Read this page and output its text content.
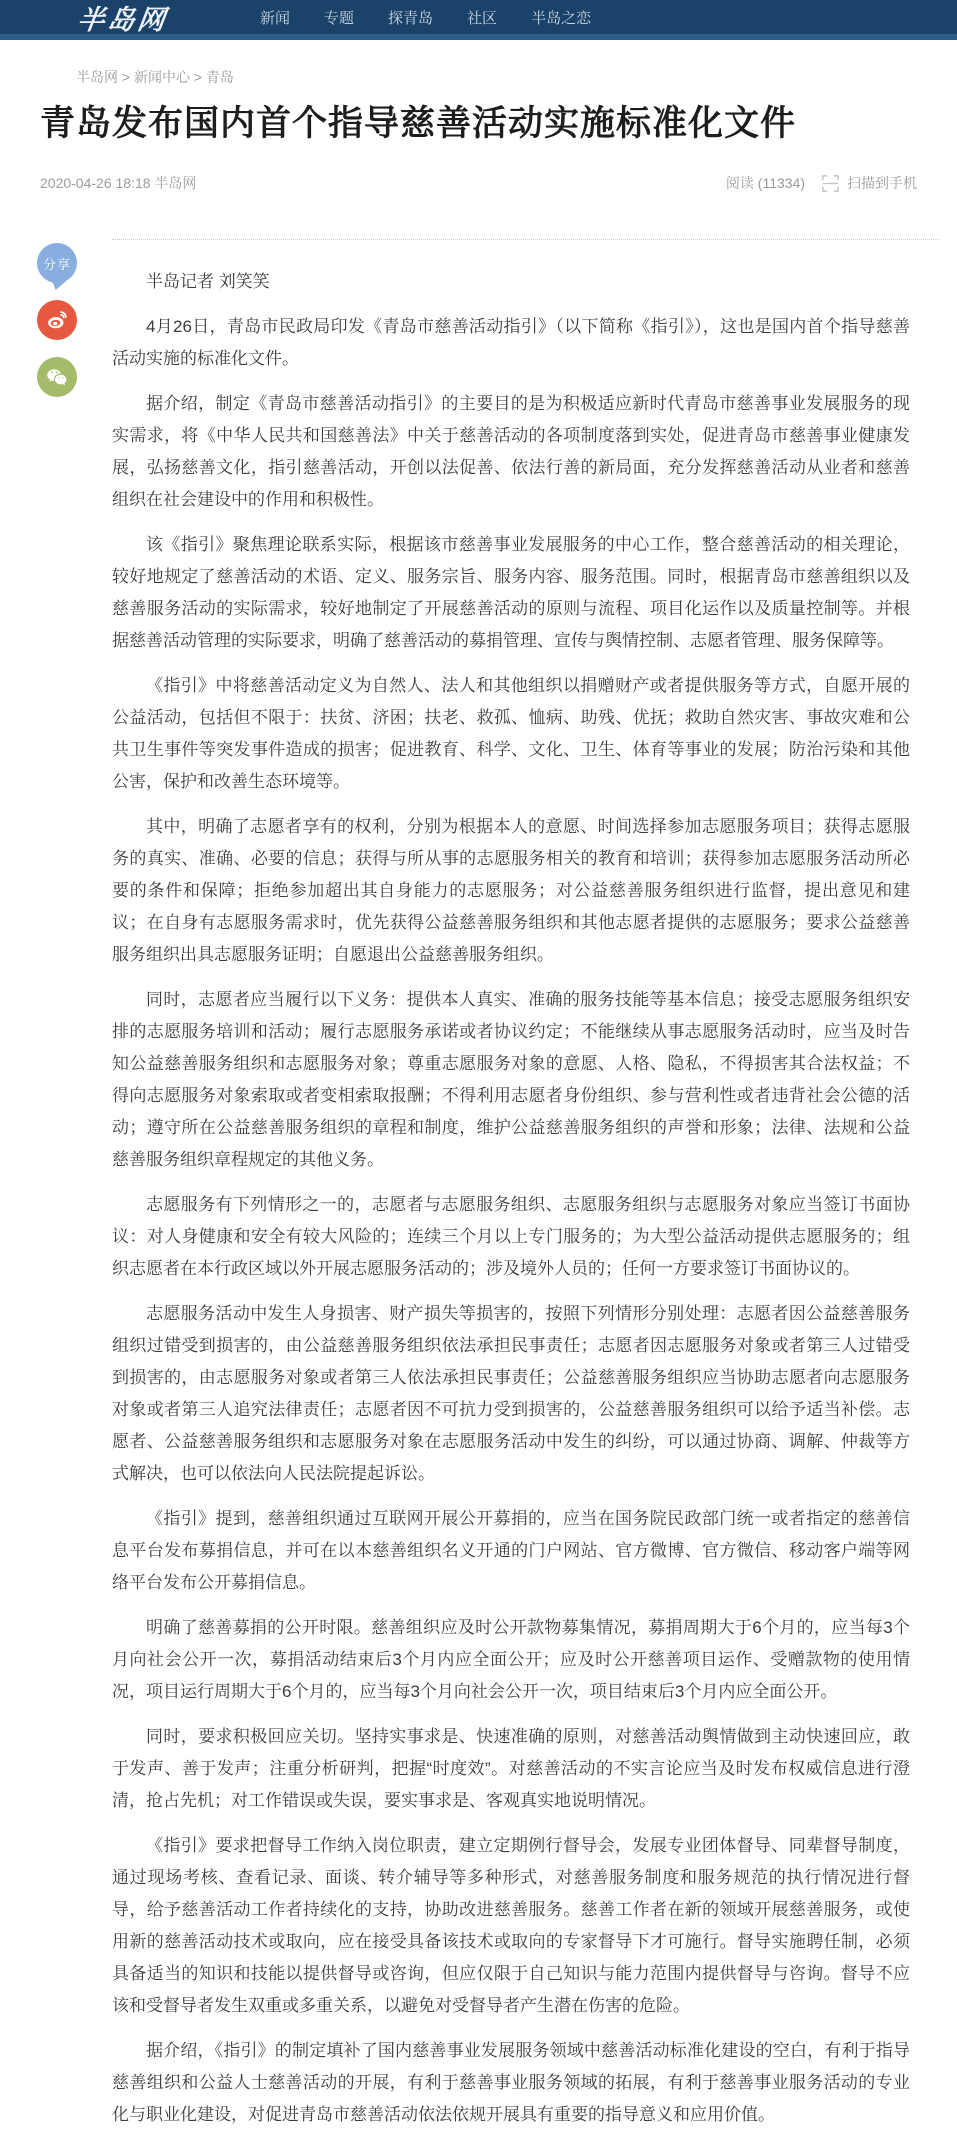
半岛网	新闻 专题 探青岛 社区 半岛之恋
半岛网 > 新闻中心 > 青岛
青岛发布国内首个指导慈善活动实施标准化文件
2020-04-26 18:18 半岛网	阅读 (11334)	扫描到手机
分享

半岛记者 刘笑笑

4月26日，青岛市民政局印发《青岛市慈善活动指引》（以下简称《指引》），这也是国内首个指导慈善活动实施的标准化文件。

据介绍，制定《青岛市慈善活动指引》的主要目的是为积极适应新时代青岛市慈善事业发展服务的现实需求，将《中华人民共和国慈善法》中关于慈善活动的各项制度落到实处，促进青岛市慈善事业健康发展，弘扬慈善文化，指引慈善活动，开创以法促善、依法行善的新局面，充分发挥慈善活动从业者和慈善组织在社会建设中的作用和积极性。

该《指引》聚焦理论联系实际，根据该市慈善事业发展服务的中心工作，整合慈善活动的相关理论，较好地规定了慈善活动的术语、定义、服务宗旨、服务内容、服务范围。同时，根据青岛市慈善组织以及慈善服务活动的实际需求，较好地制定了开展慈善活动的原则与流程、项目化运作以及质量控制等。并根据慈善活动管理的实际要求，明确了慈善活动的募捐管理、宣传与舆情控制、志愿者管理、服务保障等。

《指引》中将慈善活动定义为自然人、法人和其他组织以捐赠财产或者提供服务等方式，自愿开展的公益活动，包括但不限于：扶贫、济困；扶老、救孤、恤病、助残、优抚；救助自然灾害、事故灾难和公共卫生事件等突发事件造成的损害；促进教育、科学、文化、卫生、体育等事业的发展；防治污染和其他公害，保护和改善生态环境等。

其中，明确了志愿者享有的权利，分别为根据本人的意愿、时间选择参加志愿服务项目；获得志愿服务的真实、准确、必要的信息；获得与所从事的志愿服务相关的教育和培训；获得参加志愿服务活动所必要的条件和保障；拒绝参加超出其自身能力的志愿服务；对公益慈善服务组织进行监督，提出意见和建议；在自身有志愿服务需求时，优先获得公益慈善服务组织和其他志愿者提供的志愿服务；要求公益慈善服务组织出具志愿服务证明；自愿退出公益慈善服务组织。

同时，志愿者应当履行以下义务：提供本人真实、准确的服务技能等基本信息；接受志愿服务组织安排的志愿服务培训和活动；履行志愿服务承诺或者协议约定；不能继续从事志愿服务活动时，应当及时告知公益慈善服务组织和志愿服务对象；尊重志愿服务对象的意愿、人格、隐私，不得损害其合法权益；不得向志愿服务对象索取或者变相索取报酬；不得利用志愿者身份组织、参与营利性或者违背社会公德的活动；遵守所在公益慈善服务组织的章程和制度，维护公益慈善服务组织的声誉和形象；法律、法规和公益慈善服务组织章程规定的其他义务。

志愿服务有下列情形之一的，志愿者与志愿服务组织、志愿服务组织与志愿服务对象应当签订书面协议：对人身健康和安全有较大风险的；连续三个月以上专门服务的；为大型公益活动提供志愿服务的；组织志愿者在本行政区域以外开展志愿服务活动的；涉及境外人员的；任何一方要求签订书面协议的。

志愿服务活动中发生人身损害、财产损失等损害的，按照下列情形分别处理：志愿者因公益慈善服务组织过错受到损害的，由公益慈善服务组织依法承担民事责任；志愿者因志愿服务对象或者第三人过错受到损害的，由志愿服务对象或者第三人依法承担民事责任；公益慈善服务组织应当协助志愿者向志愿服务对象或者第三人追究法律责任；志愿者因不可抗力受到损害的，公益慈善服务组织可以给予适当补偿。志愿者、公益慈善服务组织和志愿服务对象在志愿服务活动中发生的纠纷，可以通过协商、调解、仲裁等方式解决，也可以依法向人民法院提起诉讼。

《指引》提到，慈善组织通过互联网开展公开募捐的，应当在国务院民政部门统一或者指定的慈善信息平台发布募捐信息，并可在以本慈善组织名义开通的门户网站、官方微博、官方微信、移动客户端等网络平台发布公开募捐信息。

明确了慈善募捐的公开时限。慈善组织应及时公开款物募集情况，募捐周期大于6个月的，应当每3个月向社会公开一次，募捐活动结束后3个月内应全面公开；应及时公开慈善项目运作、受赠款物的使用情况，项目运行周期大于6个月的，应当每3个月向社会公开一次，项目结束后3个月内应全面公开。

同时，要求积极回应关切。坚持实事求是、快速准确的原则，对慈善活动舆情做到主动快速回应，敢于发声、善于发声；注重分析研判，把握“时度效”。对慈善活动的不实言论应当及时发布权威信息进行澄清，抢占先机；对工作错误或失误，要实事求是、客观真实地说明情况。

《指引》要求把督导工作纳入岗位职责，建立定期例行督导会，发展专业团体督导、同辈督导制度，通过现场考核、查看记录、面谈、转介辅导等多种形式，对慈善服务制度和服务规范的执行情况进行督导，给予慈善活动工作者持续化的支持，协助改进慈善服务。慈善工作者在新的领域开展慈善服务，或使用新的慈善活动技术或取向，应在接受具备该技术或取向的专家督导下才可施行。督导实施聘任制，必须具备适当的知识和技能以提供督导或咨询，但应仅限于自己知识与能力范围内提供督导与咨询。督导不应该和受督导者发生双重或多重关系，以避免对受督导者产生潜在伤害的危险。

据介绍，《指引》的制定填补了国内慈善事业发展服务领域中慈善活动标准化建设的空白，有利于指导慈善组织和公益人士慈善活动的开展，有利于慈善事业服务领域的拓展，有利于慈善事业服务活动的专业化与职业化建设，对促进青岛市慈善活动依法依规开展具有重要的指导意义和应用价值。
